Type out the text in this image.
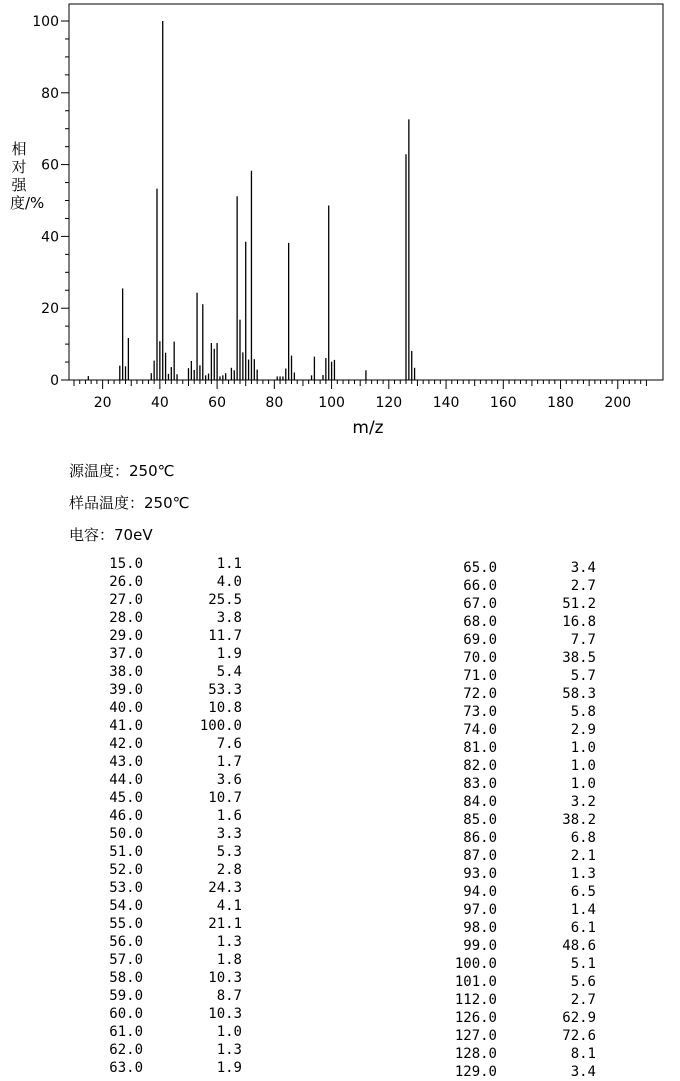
20	40	60	80 100 120 140 160 180 200
0
20
40
60
80
100
m/z
相对强度/%
源温度：250℃
样品温度：250℃
电容：70eV
15.0	1.1
26.0	4.0
27.0	25.5
28.0	3.8
29.0	11.7
37.0	1.9
38.0	5.4
39.0	53.3
40.0	10.8
41.0	100.0
42.0	7.6
43.0	1.7
44.0	3.6
45.0	10.7
46.0	1.6
50.0	3.3
51.0	5.3
52.0	2.8
53.0	24.3
54.0	4.1
55.0	21.1
56.0	1.3
57.0	1.8
58.0	10.3
59.0	8.7
60.0	10.3
61.0	1.0
62.0	1.3
63.0	1.9
65.0	3.4
66.0	2.7
67.0	51.2
68.0	16.8
69.0	7.7
70.0	38.5
71.0	5.7
72.0	58.3
73.0	5.8
74.0	2.9
81.0	1.0
82.0	1.0
83.0	1.0
84.0	3.2
85.0	38.2
86.0	6.8
87.0	2.1
93.0	1.3
94.0	6.5
97.0	1.4
98.0	6.1
99.0	48.6
100.0	5.1
101.0	5.6
112.0	2.7
126.0	62.9
127.0	72.6
128.0	8.1
129.0	3.4
